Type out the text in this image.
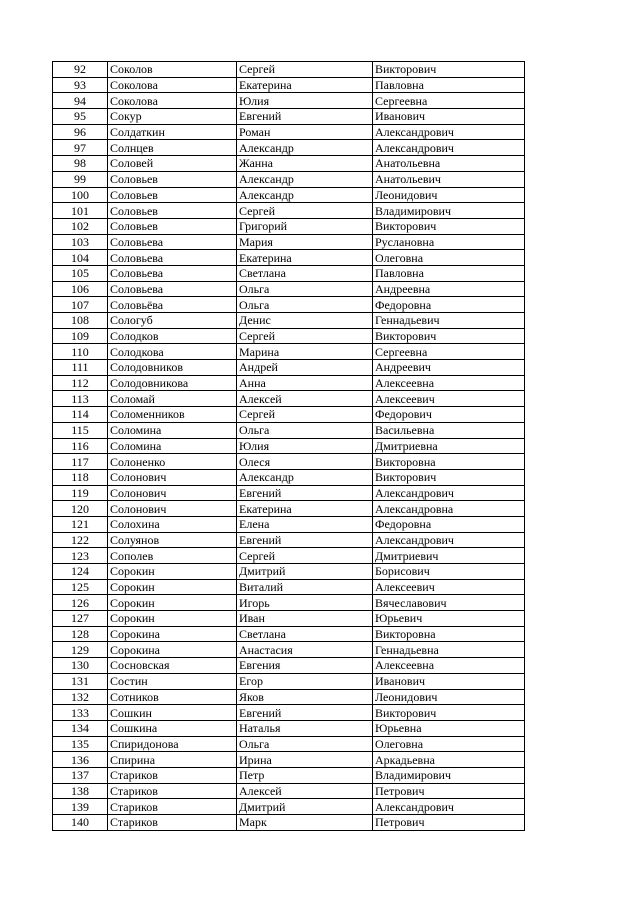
92	Соколов	Сергей	Викторович
93	Соколова	Екатерина	Павловна
94	Соколова	Юлия	Сергеевна
95	Сокур	Евгений	Иванович
96	Солдаткин	Роман	Александрович
97	Солнцев	Александр	Александрович
98	Соловей	Жанна	Анатольевна
99	Соловьев	Александр	Анатольевич
100	Соловьев	Александр	Леонидович
101	Соловьев	Сергей	Владимирович
102	Соловьев	Григорий	Викторович
103	Соловьева	Мария	Руслановна
104	Соловьева	Екатерина	Олеговна
105	Соловьева	Светлана	Павловна
106	Соловьева	Ольга	Андреевна
107	Соловьёва	Ольга	Федоровна
108	Сологуб	Денис	Геннадьевич
109	Солодков	Сергей	Викторович
110	Солодкова	Марина	Сергеевна
111	Солодовников	Андрей	Андреевич
112	Солодовникова	Анна	Алексеевна
113	Соломай	Алексей	Алексеевич
114	Соломенников	Сергей	Федорович
115	Соломина	Ольга	Васильевна
116	Соломина	Юлия	Дмитриевна
117	Солоненко	Олеся	Викторовна
118	Солонович	Александр	Викторович
119	Солонович	Евгений	Александрович
120	Солонович	Екатерина	Александровна
121	Солохина	Елена	Федоровна
122	Солуянов	Евгений	Александрович
123	Сополев	Сергей	Дмитриевич
124	Сорокин	Дмитрий	Борисович
125	Сорокин	Виталий	Алексеевич
126	Сорокин	Игорь	Вячеславович
127	Сорокин	Иван	Юрьевич
128	Сорокина	Светлана	Викторовна
129	Сорокина	Анастасия	Геннадьевна
130	Сосновская	Евгения	Алексеевна
131	Состин	Егор	Иванович
132	Сотников	Яков	Леонидович
133	Сошкин	Евгений	Викторович
134	Сошкина	Наталья	Юрьевна
135	Спиридонова	Ольга	Олеговна
136	Спирина	Ирина	Аркадьевна
137	Стариков	Петр	Владимирович
138	Стариков	Алексей	Петрович
139	Стариков	Дмитрий	Александрович
140	Стариков	Марк	Петрович
